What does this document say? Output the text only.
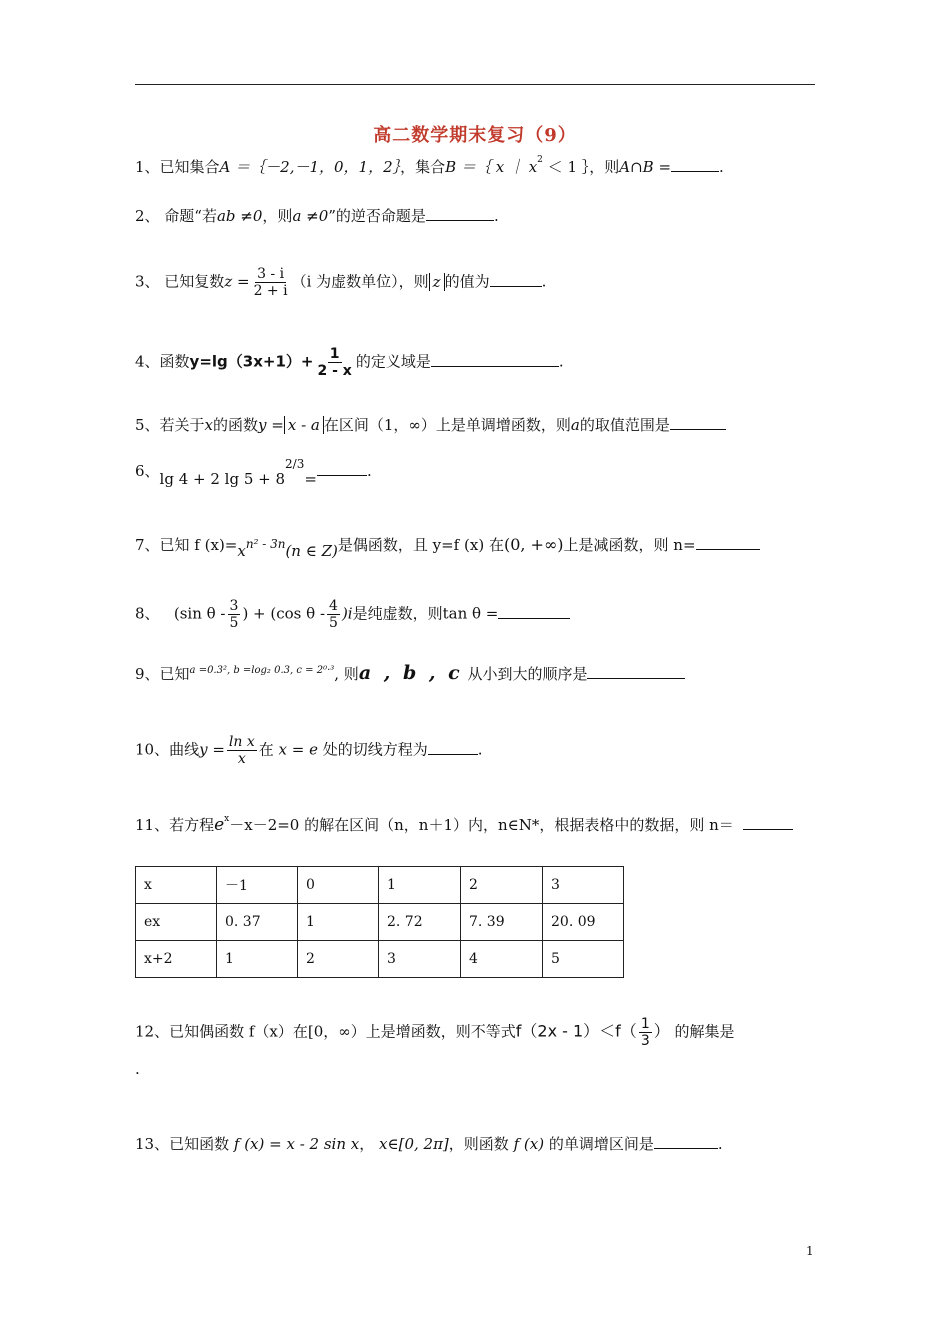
高二数学期末复习（9）
1、已知集合A ＝｛－2,－1，0，1，2｝，集合B ＝｛ x ｜ $x^2 < 1$ ｝，则A∩B =	.
2、 命题“若ab ≠0，则a ≠0”的逆否命题是	.
3、 已知复数$z = \frac{3 - i}{2 + i} (i$ 为虚数单位），则 z 的值为	.
4、函数$y=\lg(3x+1)+ \frac{1}{2 - x}$ 的定义域是	.
5、若关于x的函数y = x - a 在区间（1，∞）上是单调增函数，则a的取值范围是
6、lg 4 + 2 $\lg 5 + 8^{2/3}=$	.
7、已知 f (x)=xn² - 3n(n ∈ Z)是偶函数，且 y=f (x) 在(0, +∞)上是减函数，则 n=
8、 (sin θ - $\frac{3}{5}$ ) + (cos θ - $\frac{4}{5} )i$是纯虚数，则tan θ =
9、已知$^{a =0.3^2, b =log_2 0.3, c = 2^0\cdot^3}$, 则a , b , c 从小到大的顺序是
10、曲线$y = \frac{\text{ln x}}{x}$ 在 x = e 处的切线方程为	.
11、若方程$e^x-x-2=0$ 的解在区间（n，n＋1）内，n∈N*，根据表格中的数据，则 n＝
x	－1	0	1	2	3
ex	0. 37	1	2. 72	7. 39	20. 09
x+2	1	2	3	4	5
12、已知偶函数 f（x）在[0，∞）上是增函数，则不等式$f(2x - 1)<f( \frac{1}{3}$ ） 的解集是
.
13、已知函数 f (x) = x - 2 sin x， x∈[0, 2π]，则函数 f (x) 的单调增区间是	.
1
